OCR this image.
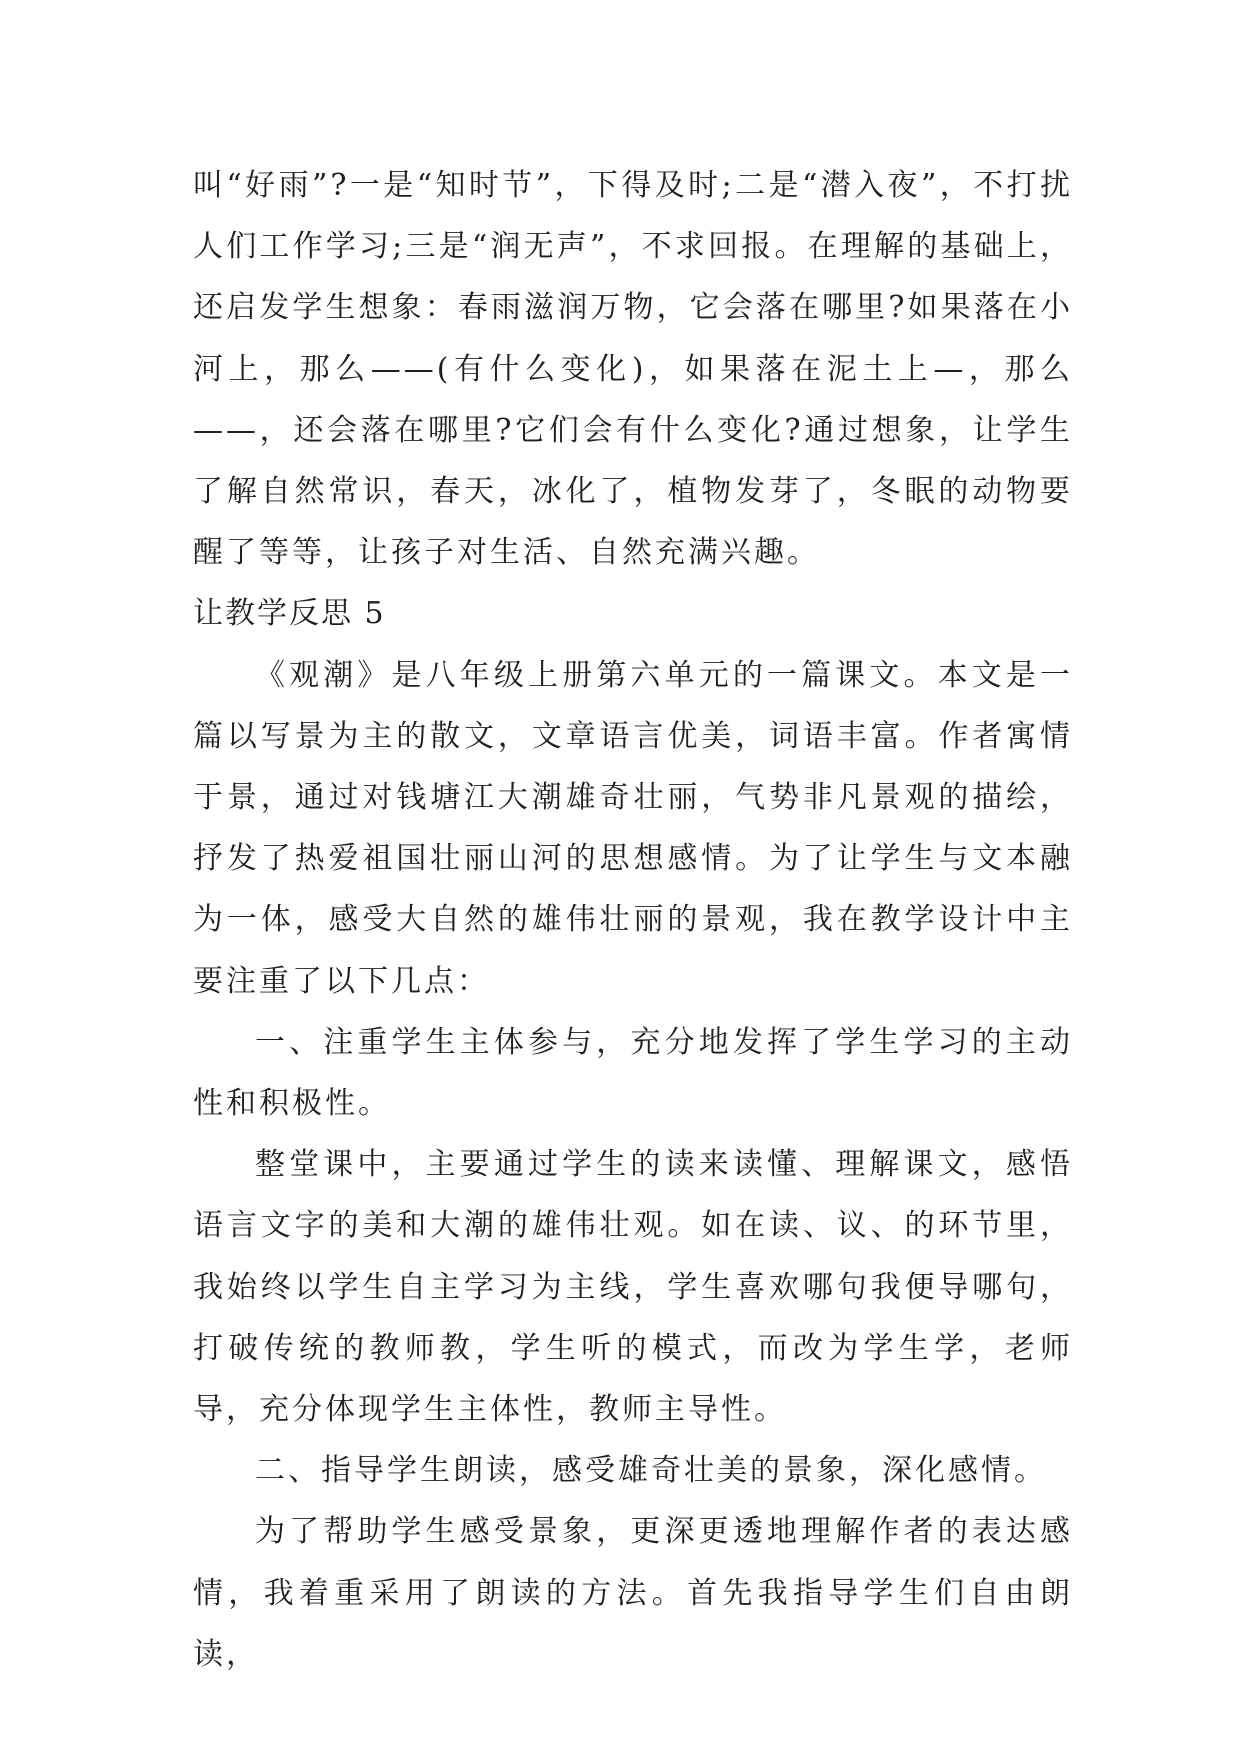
叫“好雨”?一是“知时节”，下得及时;二是“潜入夜”，不打扰人们工作学习;三是“润无声”，不求回报。在理解的基础上，还启发学生想象：春雨滋润万物，它会落在哪里?如果落在小河上，那么——(有什么变化)，如果落在泥土上—，那么——，还会落在哪里?它们会有什么变化?通过想象，让学生了解自然常识，春天，冰化了，植物发芽了，冬眠的动物要醒了等等，让孩子对生活、自然充满兴趣。

让教学反思 5

《观潮》是八年级上册第六单元的一篇课文。本文是一篇以写景为主的散文，文章语言优美，词语丰富。作者寓情于景，通过对钱塘江大潮雄奇壮丽，气势非凡景观的描绘，抒发了热爱祖国壮丽山河的思想感情。为了让学生与文本融为一体，感受大自然的雄伟壮丽的景观，我在教学设计中主要注重了以下几点：

一、注重学生主体参与，充分地发挥了学生学习的主动性和积极性。

整堂课中，主要通过学生的读来读懂、理解课文，感悟语言文字的美和大潮的雄伟壮观。如在读、议、的环节里，我始终以学生自主学习为主线，学生喜欢哪句我便导哪句，打破传统的教师教，学生听的模式，而改为学生学，老师导，充分体现学生主体性，教师主导性。

二、指导学生朗读，感受雄奇壮美的景象，深化感情。

为了帮助学生感受景象，更深更透地理解作者的表达感情，我着重采用了朗读的方法。首先我指导学生们自由朗读，
